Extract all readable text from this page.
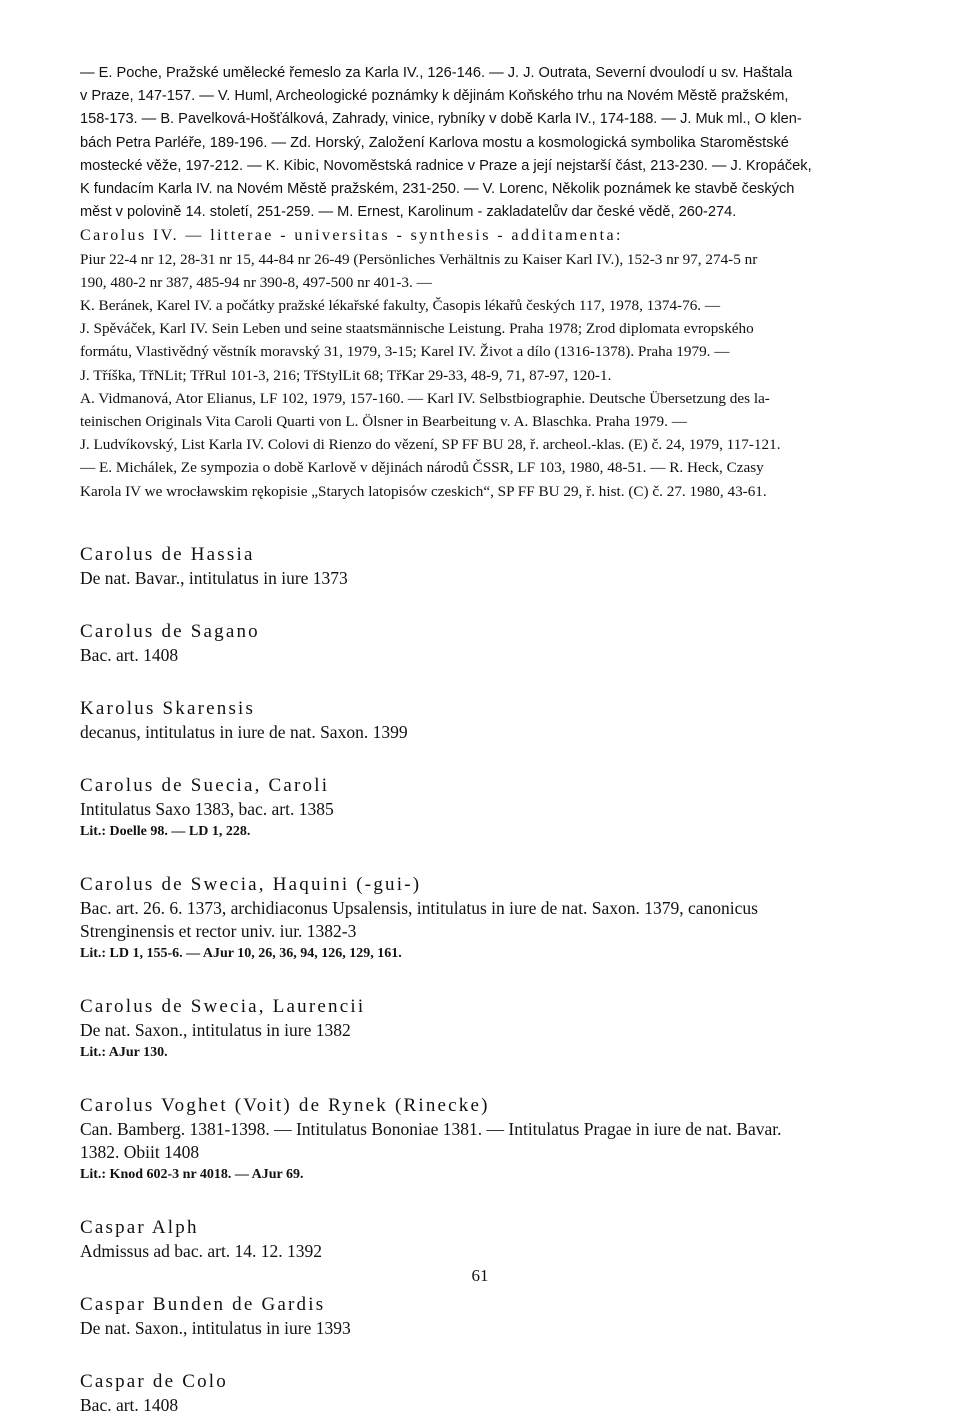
— E. Poche, Pražské umělecké řemeslo za Karla IV., 126-146. — J. J. Outrata, Severní dvoulodí u sv. Haštala
v Praze, 147-157. — V. Huml, Archeologické poznámky k dějinám Koňského trhu na Novém Městě pražském,
158-173. — B. Pavelková-Hošťálková, Zahrady, vinice, rybníky v době Karla IV., 174-188. — J. Muk ml., O klen-
bách Petra Parléře, 189-196. — Zd. Horský, Založení Karlova mostu a kosmologická symbolika Staroměstské
mostecké věže, 197-212. — K. Kibic, Novoměstská radnice v Praze a její nejstarší část, 213-230. — J. Kropáček,
K fundacím Karla IV. na Novém Městě pražském, 231-250. — V. Lorenc, Několik poznámek ke stavbě českých
měst v polovině 14. století, 251-259. — M. Ernest, Karolinum - zakladatelův dar české vědě, 260-274.
Carolus IV. — litterae - universitas - synthesis - additamenta:
Piur 22-4 nr 12, 28-31 nr 15, 44-84 nr 26-49 (Persönliches Verhältnis zu Kaiser Karl IV.), 152-3 nr 97, 274-5 nr
190, 480-2 nr 387, 485-94 nr 390-8, 497-500 nr 401-3. —
K. Beránek, Karel IV. a počátky pražské lékařské fakulty, Časopis lékařů českých 117, 1978, 1374-76. —
J. Spěváček, Karl IV. Sein Leben und seine staatsmännische Leistung. Praha 1978; Zrod diplomata evropského
formátu, Vlastivědný věstník moravský 31, 1979, 3-15; Karel IV. Život a dílo (1316-1378). Praha 1979. —
J. Tříška, TřNLit; TřRul 101-3, 216; TřStylLit 68; TřKar 29-33, 48-9, 71, 87-97, 120-1.
A. Vidmanová, Ator Elianus, LF 102, 1979, 157-160. — Karl IV. Selbstbiographie. Deutsche Übersetzung des la-
teinischen Originals Vita Caroli Quarti von L. Ölsner in Bearbeitung v. A. Blaschka. Praha 1979. —
J. Ludvíkovský, List Karla IV. Colovi di Rienzo do vězení, SP FF BU 28, ř. archeol.-klas. (E) č. 24, 1979, 117-121.
— E. Michálek, Ze sympozia o době Karlově v dějinách národů ČSSR, LF 103, 1980, 48-51. — R. Heck, Czasy
Karola IV we wrocławskim rękopisie „Starych latopisów czeskich“, SP FF BU 29, ř. hist. (C) č. 27. 1980, 43-61.
Carolus de Hassia
De nat. Bavar., intitulatus in iure 1373
Carolus de Sagano
Bac. art. 1408
Karolus Skarensis
decanus, intitulatus in iure de nat. Saxon. 1399
Carolus de Suecia, Caroli
Intitulatus Saxo 1383, bac. art. 1385
Lit.: Doelle 98. — LD 1, 228.
Carolus de Swecia, Haquini (-gui-)
Bac. art. 26. 6. 1373, archidiaconus Upsalensis, intitulatus in iure de nat. Saxon. 1379, canonicus
Strenginensis et rector univ. iur. 1382-3
Lit.: LD 1, 155-6. — AJur 10, 26, 36, 94, 126, 129, 161.
Carolus de Swecia, Laurencii
De nat. Saxon., intitulatus in iure 1382
Lit.: AJur 130.
Carolus Voghet (Voit) de Rynek (Rinecke)
Can. Bamberg. 1381-1398. — Intitulatus Bononiae 1381. — Intitulatus Pragae in iure de nat. Bavar.
1382. Obiit 1408
Lit.: Knod 602-3 nr 4018. — AJur 69.
Caspar Alph
Admissus ad bac. art. 14. 12. 1392
Caspar Bunden de Gardis
De nat. Saxon., intitulatus in iure 1393
Caspar de Colo
Bac. art. 1408
61
